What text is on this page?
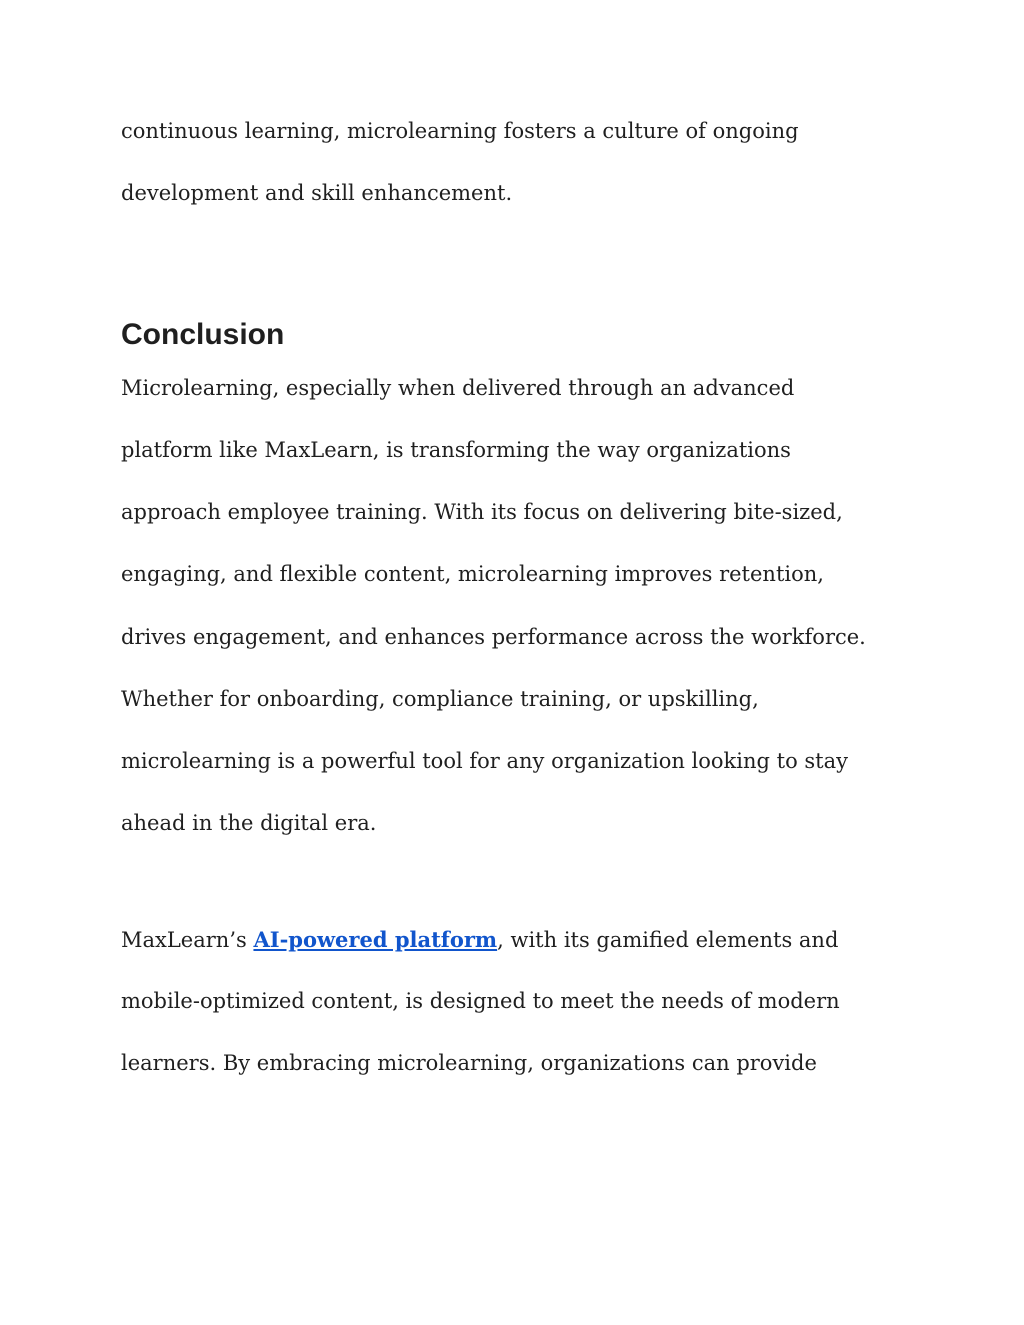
continuous learning, microlearning fosters a culture of ongoing
development and skill enhancement.
Conclusion
Microlearning, especially when delivered through an advanced
platform like MaxLearn, is transforming the way organizations
approach employee training. With its focus on delivering bite-sized,
engaging, and flexible content, microlearning improves retention,
drives engagement, and enhances performance across the workforce.
Whether for onboarding, compliance training, or upskilling,
microlearning is a powerful tool for any organization looking to stay
ahead in the digital era.
MaxLearn’s AI-powered platform, with its gamified elements and
mobile-optimized content, is designed to meet the needs of modern
learners. By embracing microlearning, organizations can provide
